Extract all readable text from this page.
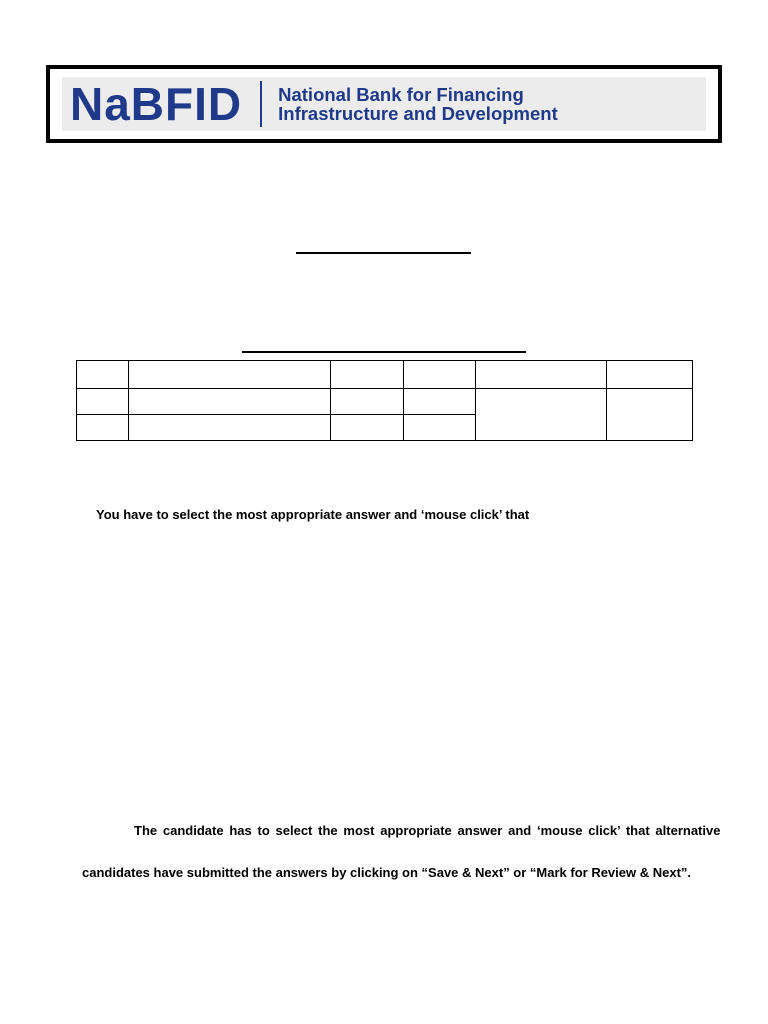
NaBFID National Bank for Financing
Infrastructure and Development

You have to select the most appropriate answer and ‘mouse click’ that
The candidate has to select the most appropriate answer and ‘mouse click’ that alternative
candidates have submitted the answers by clicking on “Save & Next” or “Mark for Review & Next”.
